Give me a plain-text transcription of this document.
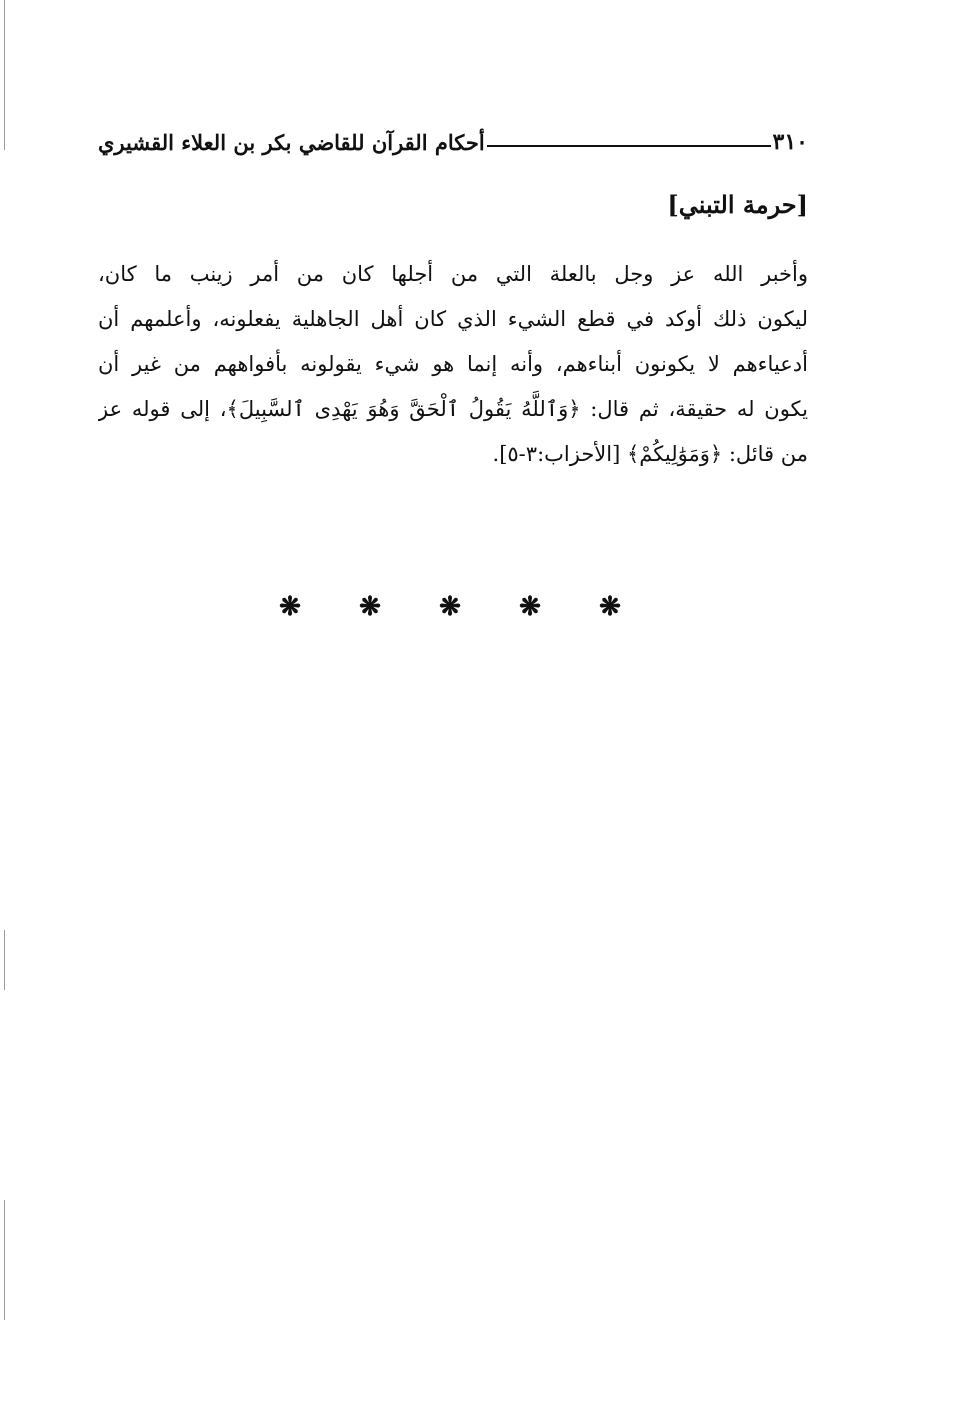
٣١٠
أحكام القرآن للقاضي بكر بن العلاء القشيري
[حرمة التبني]
وأخبر الله عز وجل بالعلة التي من أجلها كان من أمر زينب ما كان،
ليكون ذلك أوكد في قطع الشيء الذي كان أهل الجاهلية يفعلونه، وأعلمهم أن
أدعياءهم لا يكونون أبناءهم، وأنه إنما هو شيء يقولونه بأفواههم من غير أن
يكون له حقيقة، ثم قال: ﴿وَٱللَّهُ يَقُولُ ٱلْحَقَّ وَهُوَ يَهْدِى ٱلسَّبِيلَ﴾، إلى قوله عز
من قائل: ﴿وَمَوَٰلِيكُمْ﴾ [الأحزاب:٣-٥].
❋	❋	❋	❋	❋
